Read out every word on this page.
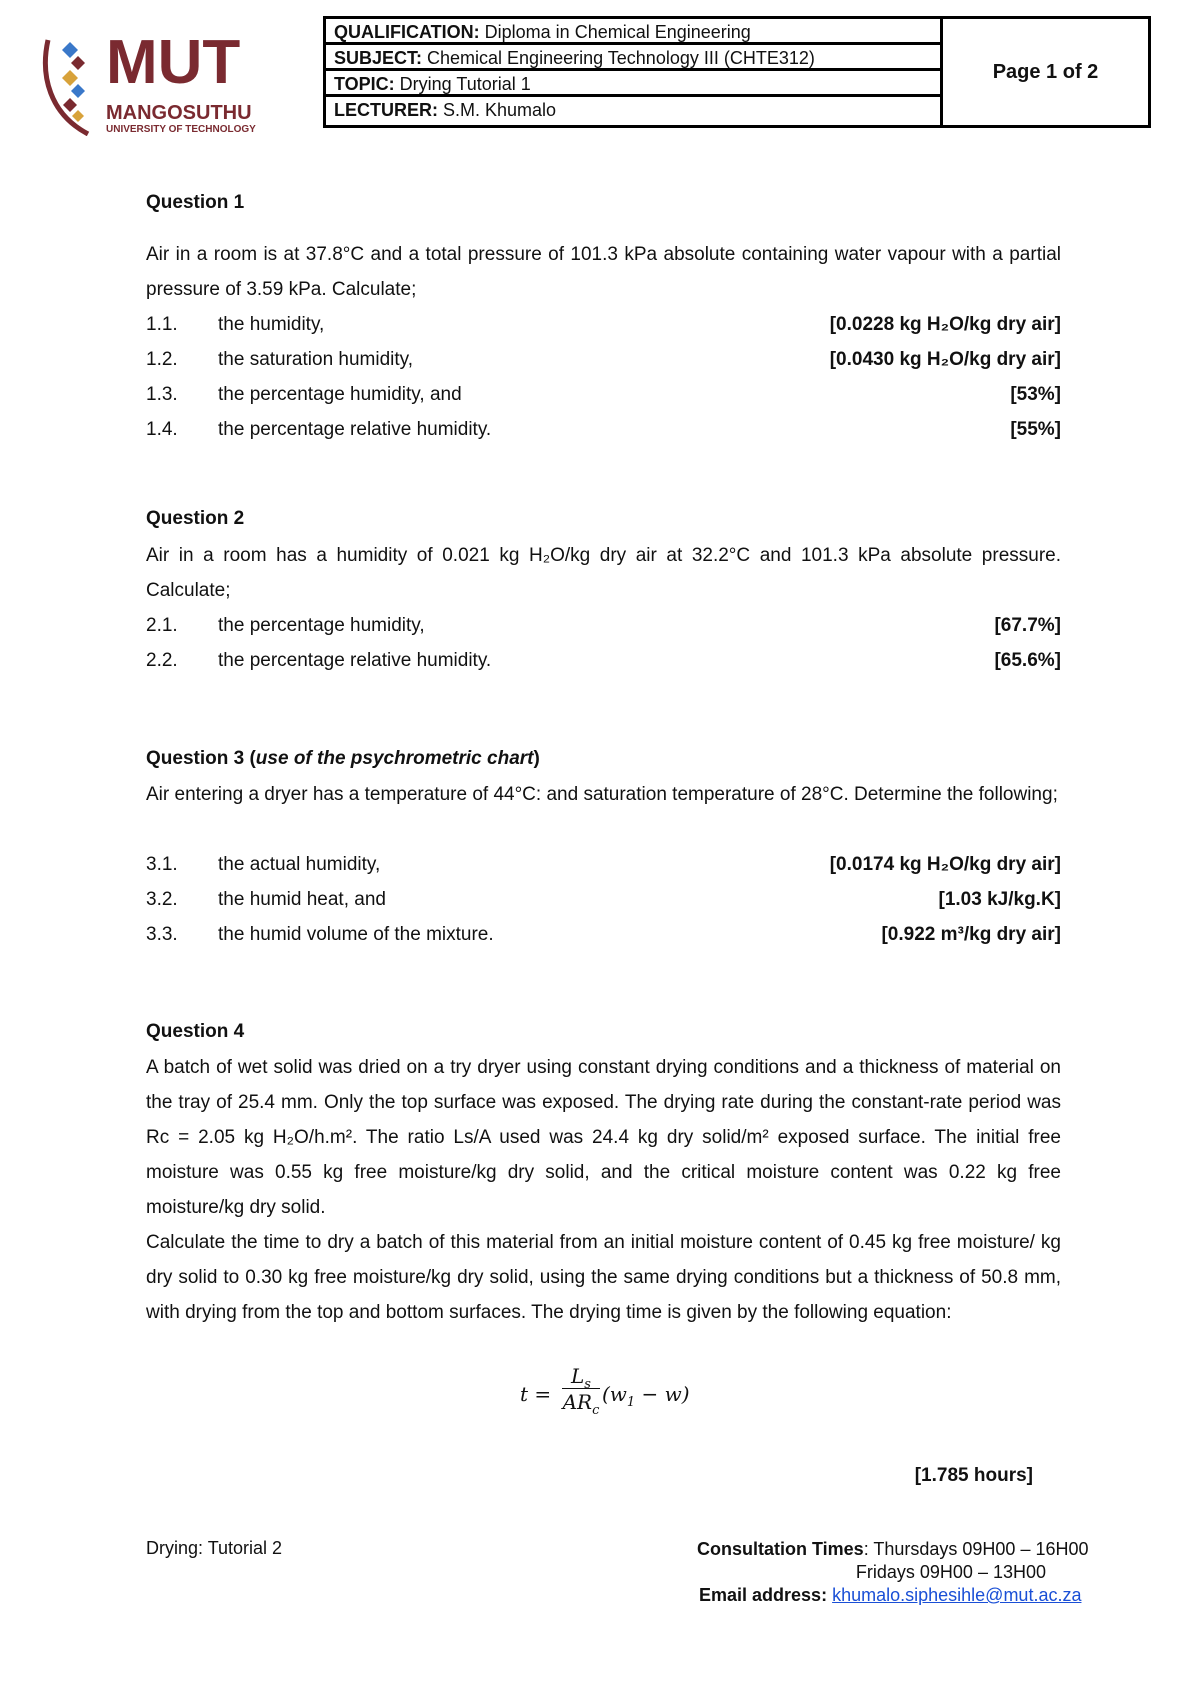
MUT
MANGOSUTHU
UNIVERSITY OF TECHNOLOGY
QUALIFICATION: Diploma in Chemical Engineering
SUBJECT: Chemical Engineering Technology III (CHTE312)
TOPIC: Drying Tutorial 1
LECTURER: S.M. Khumalo
Page 1 of 2
Question 1
Air in a room is at 37.8°C and a total pressure of 101.3 kPa absolute containing water vapour with a partial pressure of 3.59 kPa. Calculate;
1.1. the humidity,	[0.0228 kg H₂O/kg dry air]
1.2. the saturation humidity,	[0.0430 kg H₂O/kg dry air]
1.3. the percentage humidity, and	[53%]
1.4. the percentage relative humidity.	[55%]
Question 2
Air in a room has a humidity of 0.021 kg H₂O/kg dry air at 32.2°C and 101.3 kPa absolute pressure. Calculate;
2.1. the percentage humidity,	[67.7%]
2.2. the percentage relative humidity.	[65.6%]
Question 3 (use of the psychrometric chart)
Air entering a dryer has a temperature of 44°C: and saturation temperature of 28°C. Determine the following;
3.1. the actual humidity,	[0.0174 kg H₂O/kg dry air]
3.2. the humid heat, and	[1.03 kJ/kg.K]
3.3. the humid volume of the mixture.	[0.922 m³/kg dry air]
Question 4
A batch of wet solid was dried on a try dryer using constant drying conditions and a thickness of material on the tray of 25.4 mm. Only the top surface was exposed. The drying rate during the constant-rate period was Rc = 2.05 kg H₂O/h.m². The ratio Ls/A used was 24.4 kg dry solid/m² exposed surface. The initial free moisture was 0.55 kg free moisture/kg dry solid, and the critical moisture content was 0.22 kg free moisture/kg dry solid.
Calculate the time to dry a batch of this material from an initial moisture content of 0.45 kg free moisture/ kg dry solid to 0.30 kg free moisture/kg dry solid, using the same drying conditions but a thickness of 50.8 mm, with drying from the top and bottom surfaces. The drying time is given by the following equation:
t =
$L_s$
$AR_c$
$(w_1 - w)$
[1.785 hours]
Drying: Tutorial 2	Consultation Times: Thursdays 09H00 – 16H00
Fridays 09H00 – 13H00
Email address: khumalo.siphesihle@mut.ac.za
